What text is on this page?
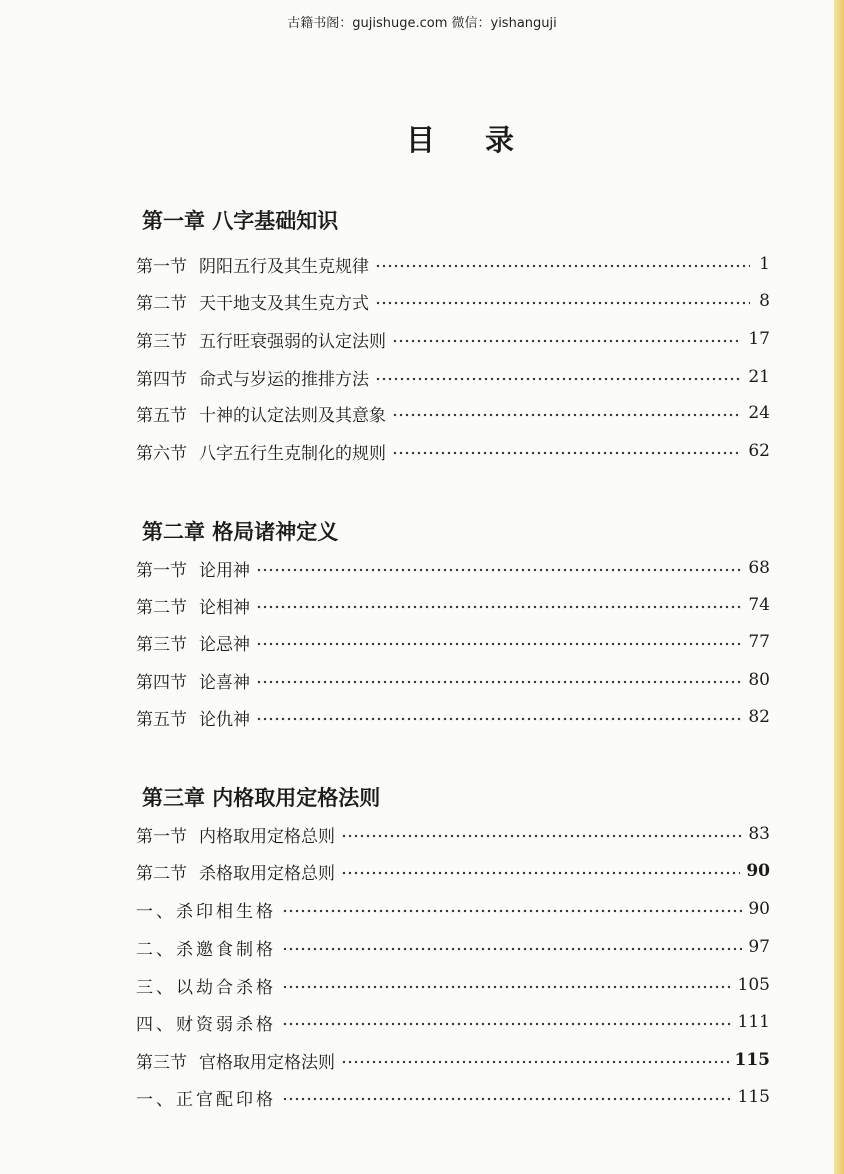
古籍书阁：gujishuge.com 微信：yishanguji
目 录
第一章 八字基础知识
第一节 阴阳五行及其生克规律	1
第二节 天干地支及其生克方式	8
第三节 五行旺衰强弱的认定法则	17
第四节 命式与岁运的推排方法	21
第五节 十神的认定法则及其意象	24
第六节 八字五行生克制化的规则	62
第二章 格局诸神定义
第一节 论用神	68
第二节 论相神	74
第三节 论忌神	77
第四节 论喜神	80
第五节 论仇神	82
第三章 内格取用定格法则
第一节 内格取用定格总则	83
第二节 杀格取用定格总则	90
一、杀印相生格	90
二、杀邀食制格	97
三、以劫合杀格	105
四、财资弱杀格	111
第三节 官格取用定格法则	115
一、正官配印格	115
